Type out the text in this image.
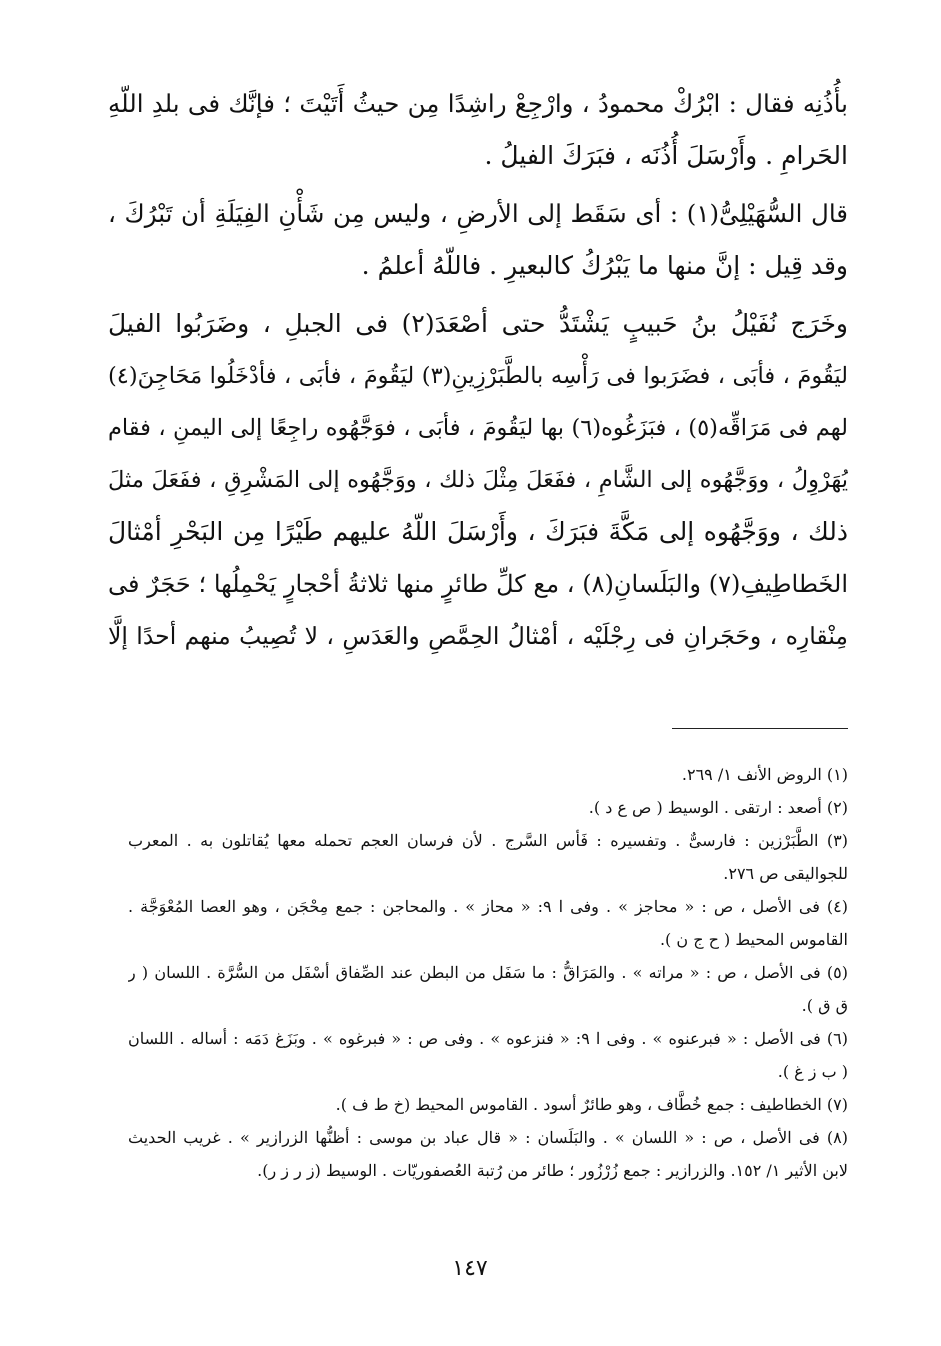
بأُذُنِه فقال : ابْرُكْ محمودُ ، وارْجِعْ راشِدًا مِن حيثُ أَتَيْتَ ؛ فإنَّك فى بلدِ اللّهِ
الحَرامِ . وأَرْسَلَ أُذُنَه ، فبَرَكَ الفيلُ .

قال السُّهَيْلِىُّ(١) : أى سَقَط إلى الأرضِ ، وليس مِن شَأْنِ الفِيَلَةِ أن تَبْرُكَ ،
وقد قِيل : إنَّ منها ما يَبْرُكُ كالبعيرِ . فاللّهُ أعلمُ .

وخَرَج نُفَيْلُ بنُ حَبيبٍ يَشْتَدُّ حتى أصْعَدَ(٢) فى الجبلِ ، وضَرَبُوا الفيلَ
ليَقُومَ ، فأبَى ، فضَرَبوا فى رَأْسِه بالطَّبَرْزِينِ(٣) ليَقُومَ ، فأبَى ، فأدْخَلُوا مَحَاجِنَ(٤)
لهم فى مَرَاقِّه(٥) ، فبَزَغُوه(٦) بها ليَقُومَ ، فأبَى ، فوَجَّهُوه راجِعًا إلى اليمنِ ، فقام
يُهَرْوِلُ ، ووَجَّهُوه إلى الشَّامِ ، ففَعَلَ مِثْلَ ذلك ، ووَجَّهُوه إلى المَشْرِقِ ، ففَعَلَ مثلَ
ذلك ، ووَجَّهُوه إلى مَكَّةَ فبَرَكَ ، وأَرْسَلَ اللّهُ عليهم طَيْرًا مِن البَحْرِ أمْثالَ
الخَطاطِيفِ(٧) والبَلَسانِ(٨) ، مع كلِّ طائرٍ منها ثلاثةُ أحْجارٍ يَحْمِلُها ؛ حَجَرٌ فى
مِنْقارِه ، وحَجَرانِ فى رِجْلَيْه ، أمْثالُ الحِمَّصِ والعَدَسِ ، لا تُصِيبُ منهم أحدًا إلَّا

(١) الروض الأنف ١/ ٢٦٩.

(٢) أصعد : ارتقى . الوسيط ( ص ع د ).

(٣) الطَّبَرْزين : فارسىٌّ . وتفسيره : فَأس السَّرج . لأن فرسان العجم تحمله معها يُقاتلون به . المعرب
للجواليقى ص ٢٧٦.

(٤) فى الأصل ، ص : « محاجز » . وفى ا ٩: « محاز » . والمحاجن : جمع مِحْجَن ، وهو العصا المُعْوَجَّة .
القاموس المحيط ( ح ج ن ).

(٥) فى الأصل ، ص : « مراته » . والمَرَاقُّ : ما سَفَل من البطن عند الصِّفاق أسْفَل من السُّرَّة . اللسان ( ر
ق ق ).

(٦) فى الأصل : « فبرعنوه » . وفى ا ٩: « فنزعوه » . وفى ص : « فبرغوه » . وبَزَغ دَمَه : أساله . اللسان
( ب ز غ ).

(٧) الخطاطيف : جمع خُطَّاف ، وهو طائرٌ أسود . القاموس المحيط (خ ط ف ).

(٨) فى الأصل ، ص : « اللسان » . والبَلَسان : « قال عباد بن موسى : أظنُّها الزرازير » . غريب الحديث
لابن الأثير ١/ ١٥٢. والزرازير : جمع زُرْزُور ؛ طائر من رُتبة العُصفوريّات . الوسيط (ز ر ز ر).

١٤٧
